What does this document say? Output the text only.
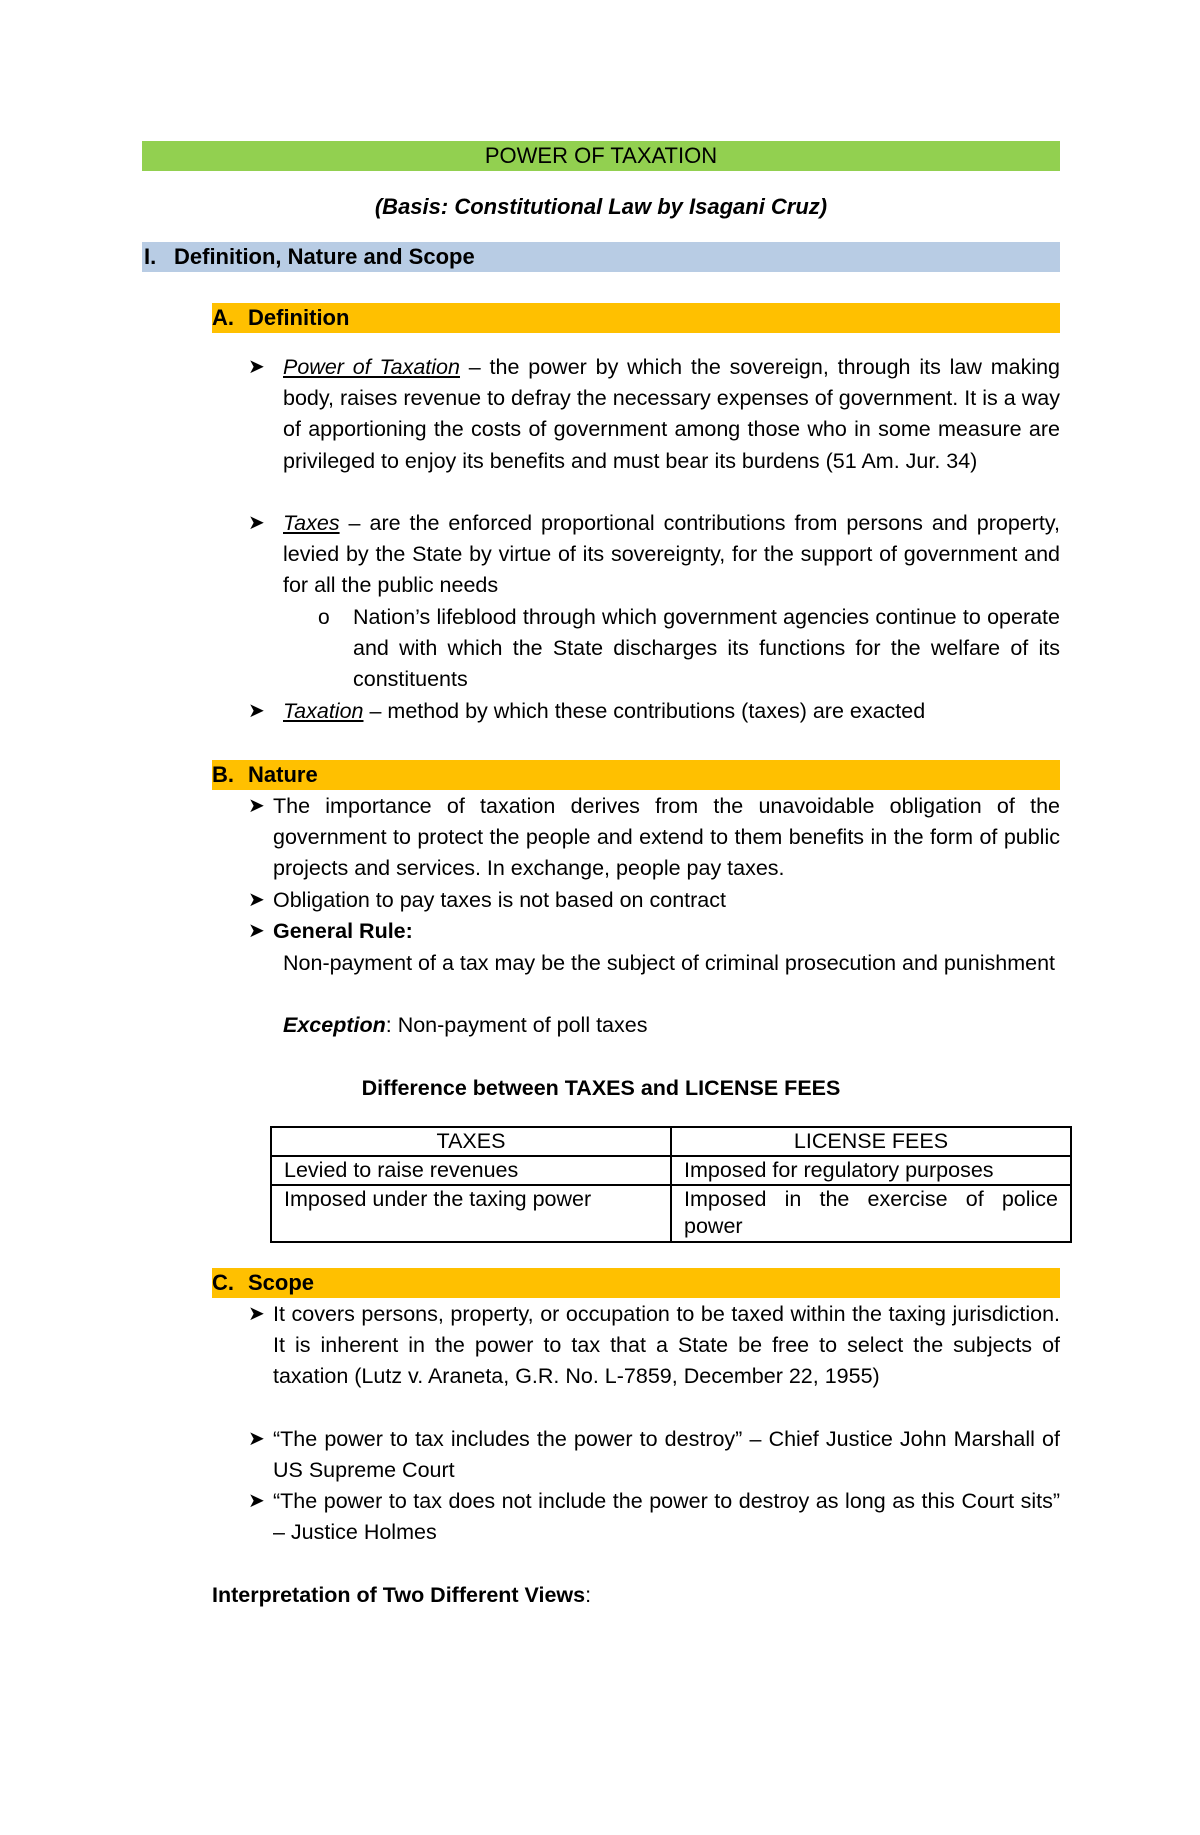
POWER OF TAXATION
(Basis: Constitutional Law by Isagani Cruz)
I. Definition, Nature and Scope
A. Definition
➤ Power of Taxation – the power by which the sovereign, through its law making body, raises revenue to defray the necessary expenses of government. It is a way of apportioning the costs of government among those who in some measure are privileged to enjoy its benefits and must bear its burdens (51 Am. Jur. 34)
➤ Taxes – are the enforced proportional contributions from persons and property, levied by the State by virtue of its sovereignty, for the support of government and for all the public needs
o Nation’s lifeblood through which government agencies continue to operate and with which the State discharges its functions for the welfare of its constituents
➤ Taxation – method by which these contributions (taxes) are exacted
B. Nature
➤ The importance of taxation derives from the unavoidable obligation of the government to protect the people and extend to them benefits in the form of public projects and services. In exchange, people pay taxes.
➤ Obligation to pay taxes is not based on contract
➤ General Rule:
Non-payment of a tax may be the subject of criminal prosecution and punishment
Exception: Non-payment of poll taxes
Difference between TAXES and LICENSE FEES
TAXES	LICENSE FEES
Levied to raise revenues	Imposed for regulatory purposes
Imposed under the taxing power	Imposed in the exercise of police power
C. Scope
➤ It covers persons, property, or occupation to be taxed within the taxing jurisdiction. It is inherent in the power to tax that a State be free to select the subjects of taxation (Lutz v. Araneta, G.R. No. L-7859, December 22, 1955)
➤ “The power to tax includes the power to destroy” – Chief Justice John Marshall of US Supreme Court
➤ “The power to tax does not include the power to destroy as long as this Court sits” – Justice Holmes
Interpretation of Two Different Views:
